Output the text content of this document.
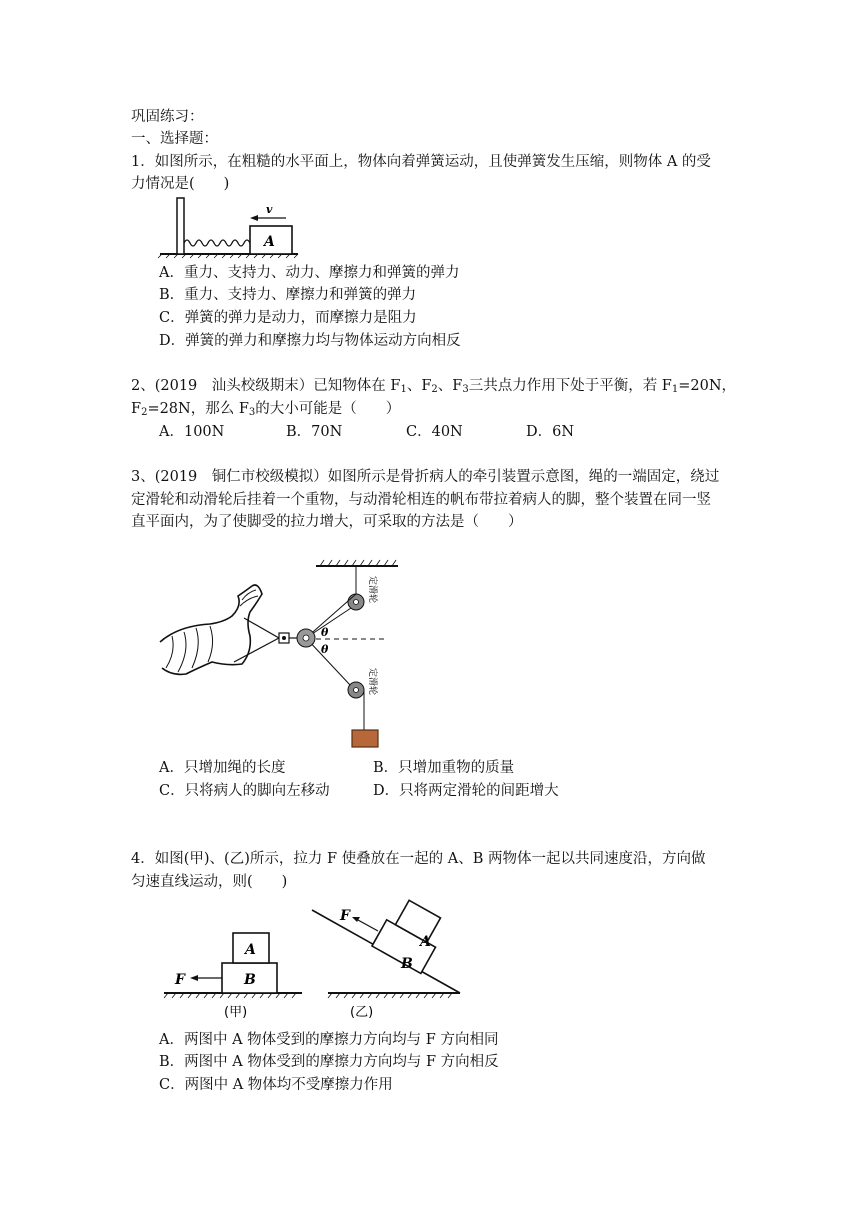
巩固练习：
一、选择题：
1．如图所示，在粗糙的水平面上，物体向着弹簧运动，且使弹簧发生压缩，则物体 A 的受
力情况是(　　)
A
v
A．重力、支持力、动力、摩擦力和弹簧的弹力
B．重力、支持力、摩擦力和弹簧的弹力
C．弹簧的弹力是动力，而摩擦力是阻力
D．弹簧的弹力和摩擦力均与物体运动方向相反
2、(2019　汕头校级期末）已知物体在 $F_1$、$F_2$、$F_3$三共点力作用下处于平衡，若 $F_1=20N$，
$F_2=28N$，那么 $F_3$的大小可能是（　　）
A．100N	B．70N	C．40N	D．6N
3、(2019　铜仁市校级模拟）如图所示是骨折病人的牵引装置示意图，绳的一端固定，绕过
定滑轮和动滑轮后挂着一个重物，与动滑轮相连的帆布带拉着病人的脚，整个装置在同一竖
直平面内，为了使脚受的拉力增大，可采取的方法是（　　）
定滑轮
θ
θ
定滑轮
A．只增加绳的长度	B．只增加重物的质量
C．只将病人的脚向左移动	D．只将两定滑轮的间距增大
4．如图(甲)、(乙)所示，拉力 F 使叠放在一起的 A、B 两物体一起以共同速度沿，方向做
匀速直线运动，则(　　)
B
A
F
(甲)
B
A
F
(乙)
A．两图中 A 物体受到的摩擦力方向均与 F 方向相同
B．两图中 A 物体受到的摩擦力方向均与 F 方向相反
C．两图中 A 物体均不受摩擦力作用
